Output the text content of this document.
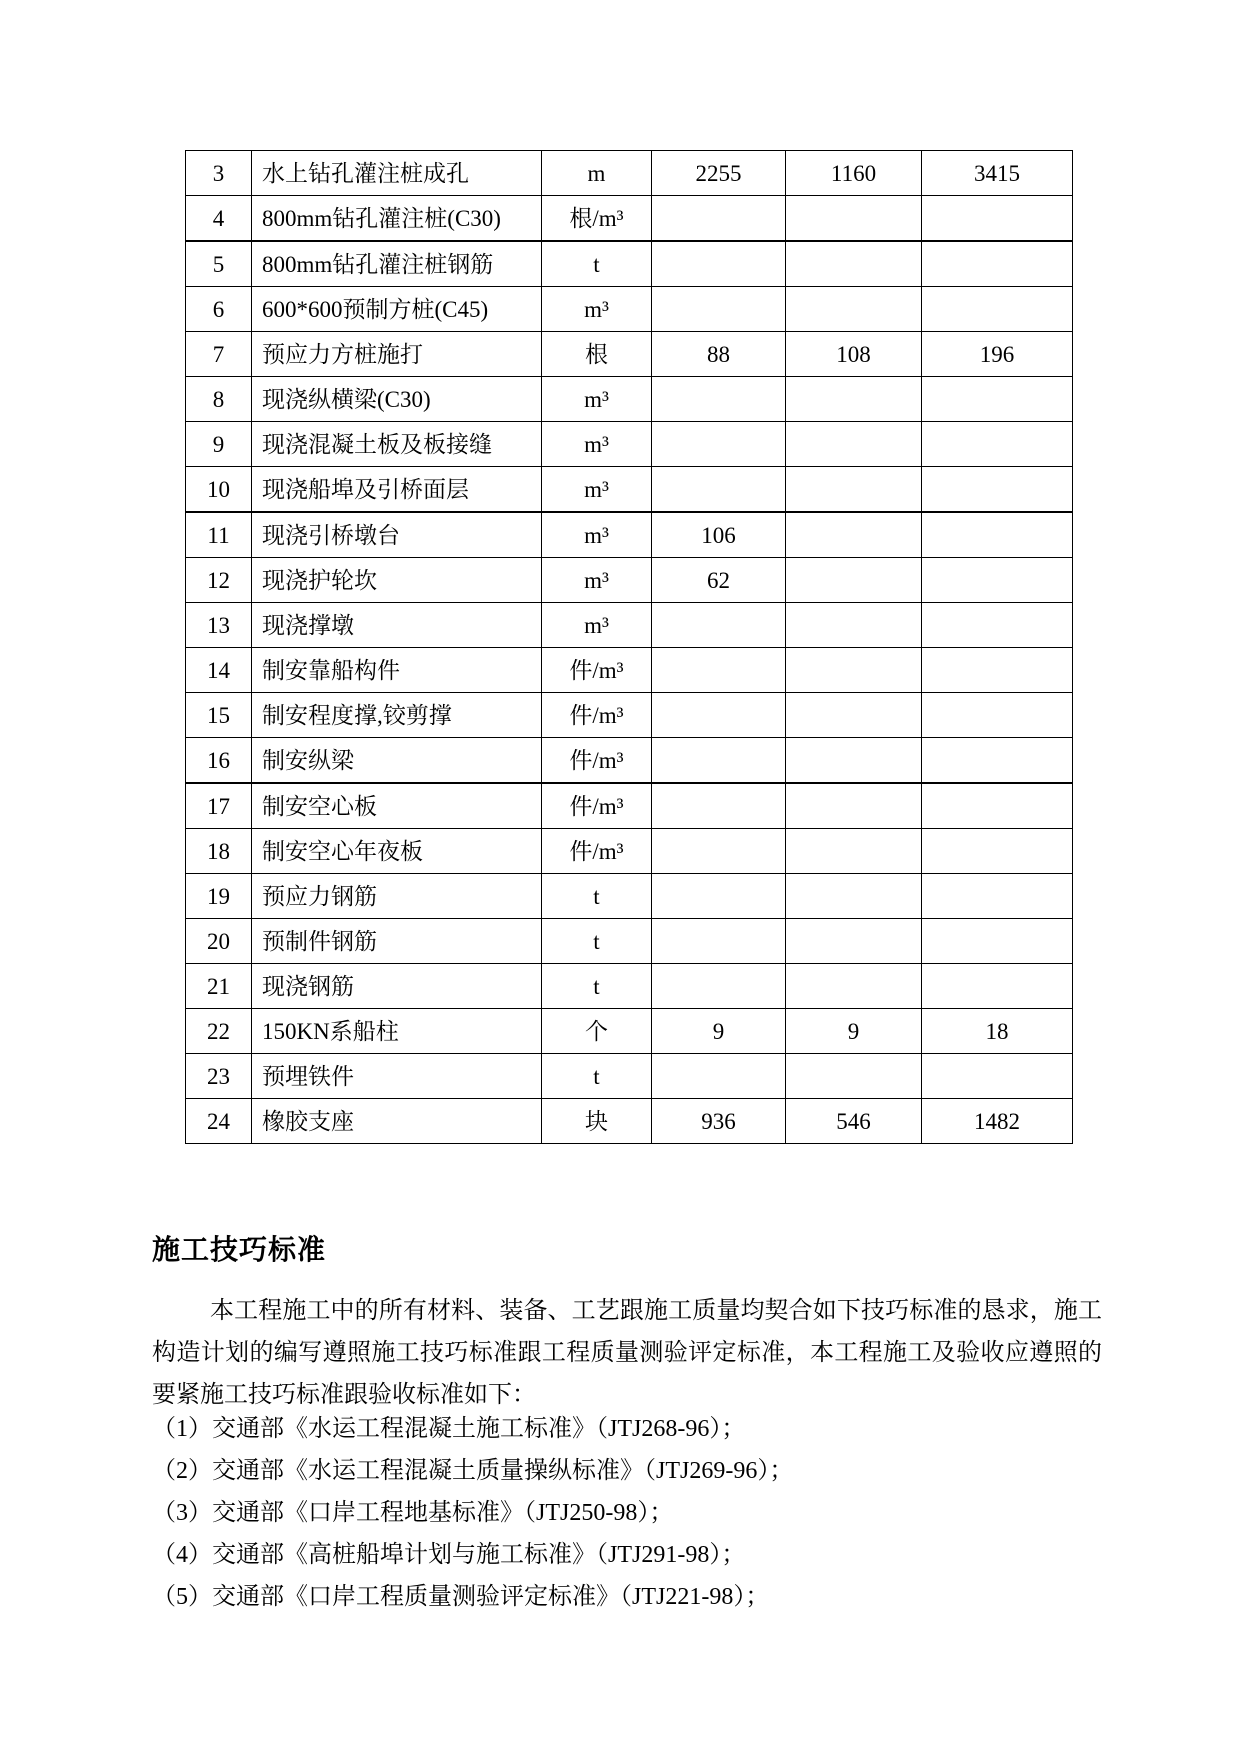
3	水上钻孔灌注桩成孔	m	2255	1160	3415
4	800mm钻孔灌注桩(C30)	根/m³			
5	800mm钻孔灌注桩钢筋	t			
6	600*600预制方桩(C45)	m³			
7	预应力方桩施打	根	88	108	196
8	现浇纵横梁(C30)	m³			
9	现浇混凝土板及板接缝	m³			
10	现浇船埠及引桥面层	m³			
11	现浇引桥墩台	m³	106		
12	现浇护轮坎	m³	62		
13	现浇撑墩	m³			
14	制安靠船构件	件/m³			
15	制安程度撑,铰剪撑	件/m³			
16	制安纵梁	件/m³			
17	制安空心板	件/m³			
18	制安空心年夜板	件/m³			
19	预应力钢筋	t			
20	预制件钢筋	t			
21	现浇钢筋	t			
22	150KN系船柱	个	9	9	18
23	预埋铁件	t			
24	橡胶支座	块	936	546	1482
施工技巧标准

本工程施工中的所有材料、装备、工艺跟施工质量均契合如下技巧标准的恳求，施工构造计划的编写遵照施工技巧标准跟工程质量测验评定标准，本工程施工及验收应遵照的要紧施工技巧标准跟验收标准如下：

（1）交通部《水运工程混凝土施工标准》（JTJ268-96）；
（2）交通部《水运工程混凝土质量操纵标准》（JTJ269-96）；
（3）交通部《口岸工程地基标准》（JTJ250-98）；
（4）交通部《高桩船埠计划与施工标准》（JTJ291-98）；
（5）交通部《口岸工程质量测验评定标准》（JTJ221-98）；
